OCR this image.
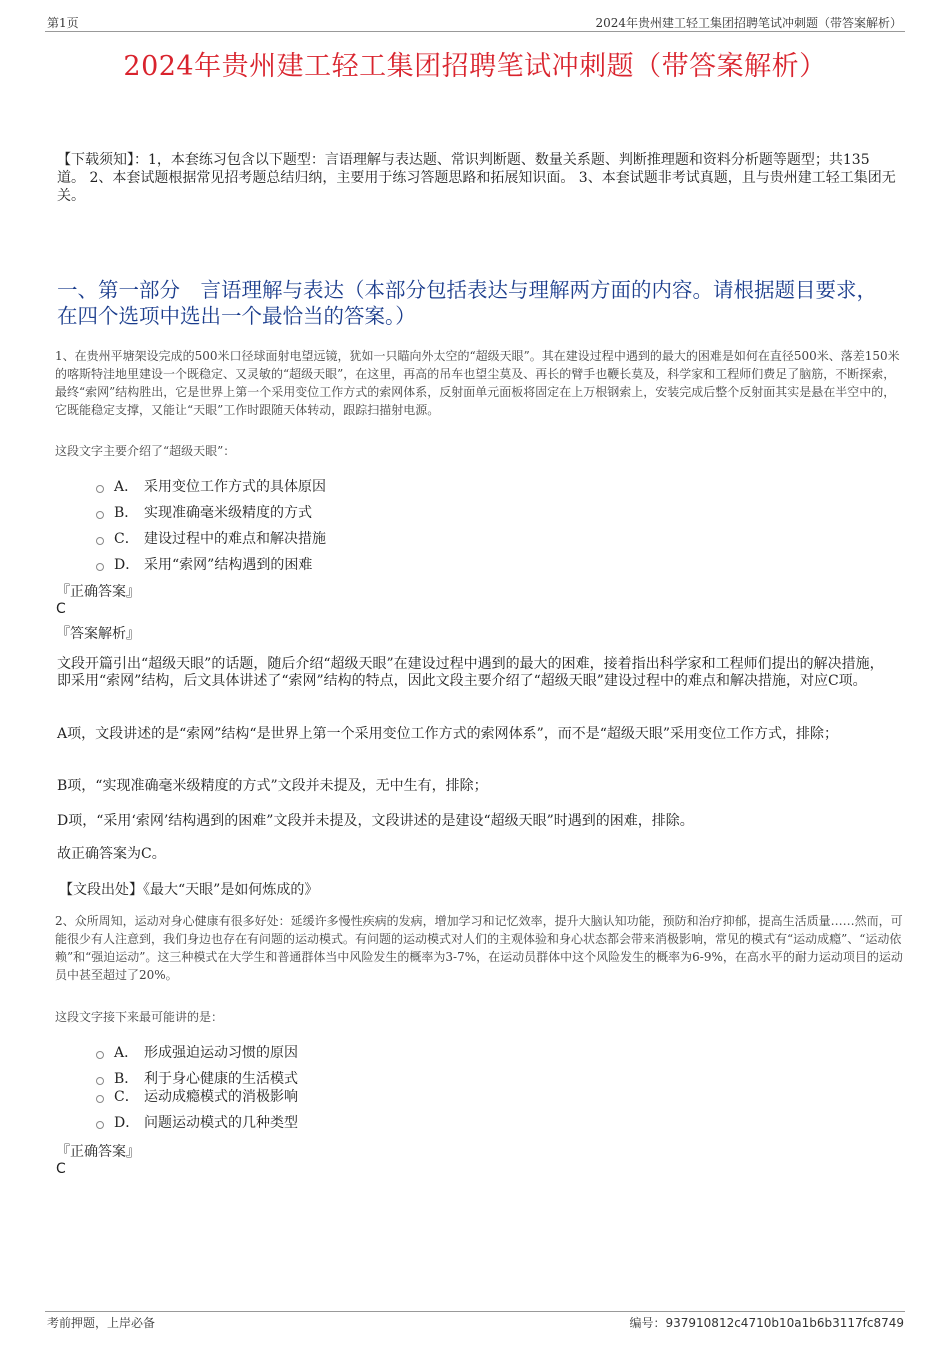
第1页	2024年贵州建工轻工集团招聘笔试冲刺题（带答案解析）
2024年贵州建工轻工集团招聘笔试冲刺题（带答案解析）
【下载须知】：1，本套练习包含以下题型：言语理解与表达题、常识判断题、数量关系题、判断推理题和资料分析题等题型；共135道。 2、本套试题根据常见招考题总结归纳，主要用于练习答题思路和拓展知识面。 3、本套试题非考试真题，且与贵州建工轻工集团无关。
一、第一部分　言语理解与表达（本部分包括表达与理解两方面的内容。请根据题目要求，在四个选项中选出一个最恰当的答案。）
1、在贵州平塘架设完成的500米口径球面射电望远镜，犹如一只瞄向外太空的“超级天眼”。其在建设过程中遇到的最大的困难是如何在直径500米、落差150米的喀斯特洼地里建设一个既稳定、又灵敏的“超级天眼”，在这里，再高的吊车也望尘莫及、再长的臂手也鞭长莫及，科学家和工程师们费足了脑筋，不断探索，最终“索网”结构胜出，它是世界上第一个采用变位工作方式的索网体系，反射面单元面板将固定在上万根钢索上，安装完成后整个反射面其实是悬在半空中的，它既能稳定支撑，又能让“天眼”工作时跟随天体转动，跟踪扫描射电源。
这段文字主要介绍了“超级天眼”：
A． 采用变位工作方式的具体原因
B． 实现准确毫米级精度的方式
C． 建设过程中的难点和解决措施
D． 采用“索网”结构遇到的困难
『正确答案』
C
『答案解析』
文段开篇引出“超级天眼”的话题，随后介绍“超级天眼”在建设过程中遇到的最大的困难，接着指出科学家和工程师们提出的解决措施，即采用“索网”结构，后文具体讲述了“索网”结构的特点，因此文段主要介绍了“超级天眼”建设过程中的难点和解决措施，对应C项。
A项，文段讲述的是“索网”结构“是世界上第一个采用变位工作方式的索网体系”，而不是“超级天眼”采用变位工作方式，排除；
B项，“实现准确毫米级精度的方式”文段并未提及，无中生有，排除；
D项，“采用‘索网’结构遇到的困难”文段并未提及，文段讲述的是建设“超级天眼”时遇到的困难，排除。
故正确答案为C。
【文段出处】《最大“天眼”是如何炼成的》
2、众所周知，运动对身心健康有很多好处：延缓许多慢性疾病的发病，增加学习和记忆效率，提升大脑认知功能，预防和治疗抑郁，提高生活质量……然而，可能很少有人注意到，我们身边也存在有问题的运动模式。有问题的运动模式对人们的主观体验和身心状态都会带来消极影响，常见的模式有“运动成瘾”、“运动依赖”和“强迫运动”。这三种模式在大学生和普通群体当中风险发生的概率为3-7%，在运动员群体中这个风险发生的概率为6-9%，在高水平的耐力运动项目的运动员中甚至超过了20%。
这段文字接下来最可能讲的是：
A． 形成强迫运动习惯的原因
B． 利于身心健康的生活模式
C． 运动成瘾模式的消极影响
D． 问题运动模式的几种类型
『正确答案』
C
考前押题，上岸必备	编号：937910812c4710b10a1b6b3117fc8749
